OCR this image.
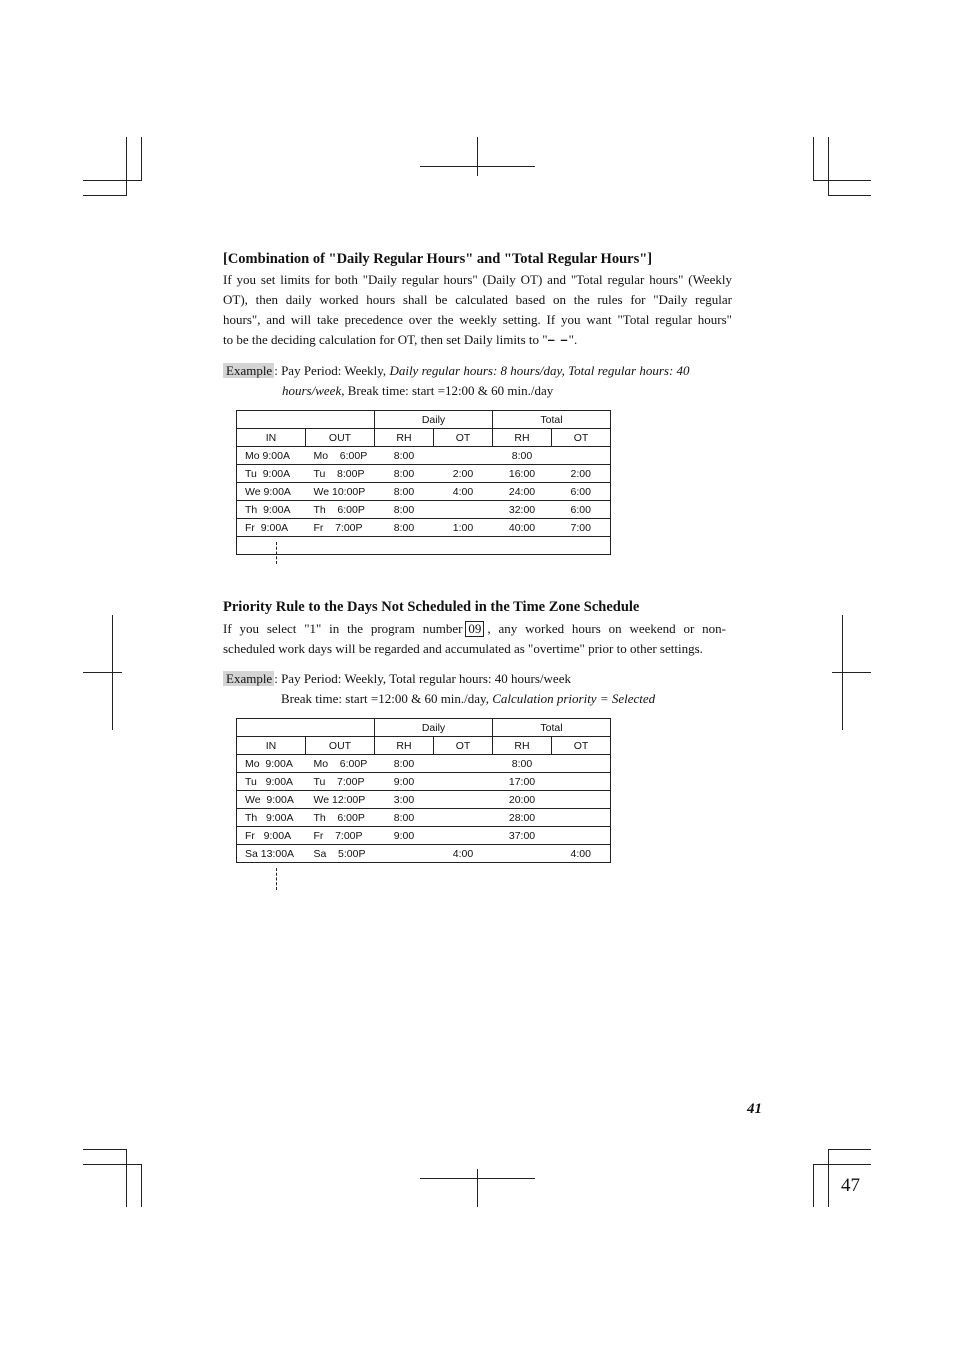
[Combination of "Daily Regular Hours" and "Total Regular Hours"]
If you set limits for both "Daily regular hours" (Daily OT) and "Total regular hours" (Weekly
OT), then daily worked hours shall be calculated based on the rules for "Daily regular
hours", and will take precedence over the weekly setting. If you want "Total regular hours"
to be the deciding calculation for OT, then set Daily limits to "– –".
Example : Pay Period: Weekly, Daily regular hours: 8 hours/day, Total regular hours: 40
hours/week, Break time: start =12:00 & 60 min./day
		Daily		Total	
IN	OUT	RH	OT	RH	OT
Mo 9:00A	Mo    6:00P	8:00		8:00	
Tu  9:00A	Tu    8:00P	8:00	2:00	16:00	2:00
We 9:00A	We 10:00P	8:00	4:00	24:00	6:00
Th  9:00A	Th    6:00P	8:00		32:00	6:00
Fr  9:00A	Fr    7:00P	8:00	1:00	40:00	7:00

Priority Rule to the Days Not Scheduled in the Time Zone Schedule
If you select "1" in the program number 09 , any worked hours on weekend or non-
scheduled work days will be regarded and accumulated as "overtime" prior to other settings.
Example : Pay Period: Weekly, Total regular hours: 40 hours/week
Break time: start =12:00 & 60 min./day, Calculation priority = Selected
		Daily		Total	
IN	OUT	RH	OT	RH	OT
Mo  9:00A	Mo    6:00P	8:00		8:00	
Tu   9:00A	Tu    7:00P	9:00		17:00	
We  9:00A	We 12:00P	3:00		20:00	
Th   9:00A	Th    6:00P	8:00		28:00	
Fr   9:00A	Fr    7:00P	9:00		37:00	
Sa 13:00A	Sa    5:00P		4:00		4:00
41
47
